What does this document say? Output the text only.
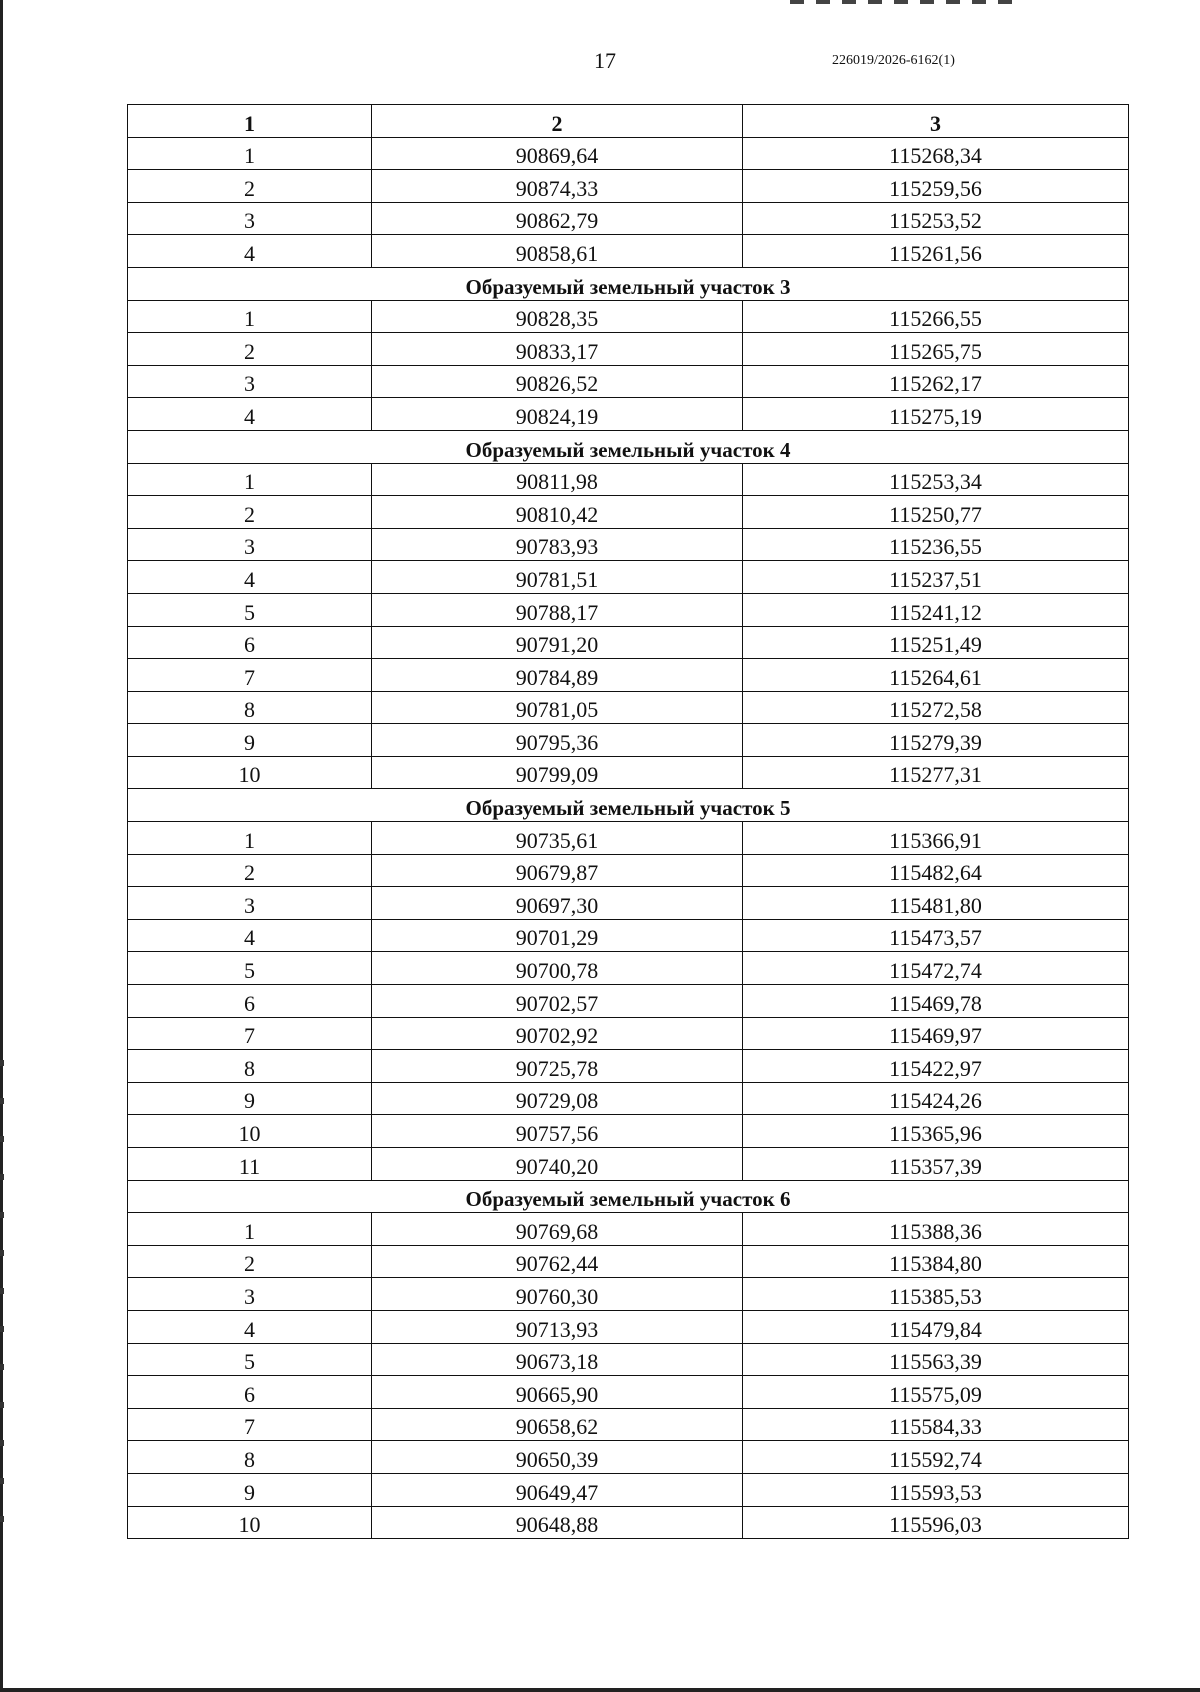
17	226019/2026-6162(1)
1	2	3
1	90869,64	115268,34
2	90874,33	115259,56
3	90862,79	115253,52
4	90858,61	115261,56
Образуемый земельный участок 3		
1	90828,35	115266,55
2	90833,17	115265,75
3	90826,52	115262,17
4	90824,19	115275,19
Образуемый земельный участок 4		
1	90811,98	115253,34
2	90810,42	115250,77
3	90783,93	115236,55
4	90781,51	115237,51
5	90788,17	115241,12
6	90791,20	115251,49
7	90784,89	115264,61
8	90781,05	115272,58
9	90795,36	115279,39
10	90799,09	115277,31
Образуемый земельный участок 5		
1	90735,61	115366,91
2	90679,87	115482,64
3	90697,30	115481,80
4	90701,29	115473,57
5	90700,78	115472,74
6	90702,57	115469,78
7	90702,92	115469,97
8	90725,78	115422,97
9	90729,08	115424,26
10	90757,56	115365,96
11	90740,20	115357,39
Образуемый земельный участок 6		
1	90769,68	115388,36
2	90762,44	115384,80
3	90760,30	115385,53
4	90713,93	115479,84
5	90673,18	115563,39
6	90665,90	115575,09
7	90658,62	115584,33
8	90650,39	115592,74
9	90649,47	115593,53
10	90648,88	115596,03
